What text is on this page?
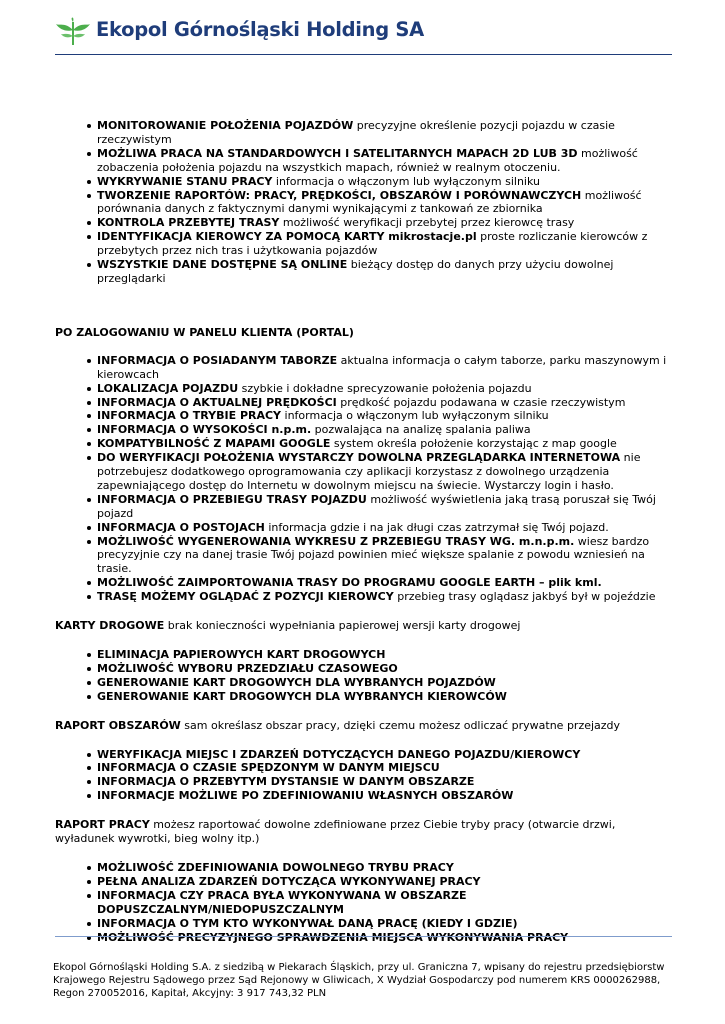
Ekopol Górnośląski Holding SA
MONITOROWANIE POŁOŻENIA POJAZDÓW precyzyjne określenie pozycji pojazdu w czasie rzeczywistym
MOŻLIWA PRACA NA STANDARDOWYCH I SATELITARNYCH MAPACH 2D LUB 3D możliwość zobaczenia położenia pojazdu na wszystkich mapach, również w realnym otoczeniu.
WYKRYWANIE STANU PRACY informacja o włączonym lub wyłączonym silniku
TWORZENIE RAPORTÓW: PRACY, PRĘDKOŚCI, OBSZARÓW I PORÓWNAWCZYCH możliwość porównania danych z faktycznymi danymi wynikającymi z tankowań ze zbiornika
KONTROLA PRZEBYTEJ TRASY możliwość weryfikacji przebytej przez kierowcę trasy
IDENTYFIKACJA KIEROWCY ZA POMOCĄ KARTY mikrostacje.pl proste rozliczanie kierowców z przebytych przez nich tras i użytkowania pojazdów
WSZYSTKIE DANE DOSTĘPNE SĄ ONLINE bieżący dostęp do danych przy użyciu dowolnej przeglądarki

PO ZALOGOWANIU W PANELU KLIENTA (PORTAL)

INFORMACJA O POSIADANYM TABORZE aktualna informacja o całym taborze, parku maszynowym i kierowcach
LOKALIZACJA POJAZDU szybkie i dokładne sprecyzowanie położenia pojazdu
INFORMACJA O AKTUALNEJ PRĘDKOŚCI prędkość pojazdu podawana w czasie rzeczywistym
INFORMACJA O TRYBIE PRACY informacja o włączonym lub wyłączonym silniku
INFORMACJA O WYSOKOŚCI n.p.m. pozwalająca na analizę spalania paliwa
KOMPATYBILNOŚĆ Z MAPAMI GOOGLE system określa położenie korzystając z map google
DO WERYFIKACJI POŁOŻENIA WYSTARCZY DOWOLNA PRZEGLĄDARKA INTERNETOWA nie potrzebujesz dodatkowego oprogramowania czy aplikacji korzystasz z dowolnego urządzenia zapewniającego dostęp do Internetu w dowolnym miejscu na świecie. Wystarczy login i hasło.
INFORMACJA O PRZEBIEGU TRASY POJAZDU możliwość wyświetlenia jaką trasą poruszał się Twój pojazd
INFORMACJA O POSTOJACH informacja gdzie i na jak długi czas zatrzymał się Twój pojazd.
MOŻLIWOŚĆ WYGENEROWANIA WYKRESU Z PRZEBIEGU TRASY WG. m.n.p.m. wiesz bardzo precyzyjnie czy na danej trasie Twój pojazd powinien mieć większe spalanie z powodu wzniesień na trasie.
MOŻLIWOŚĆ ZAIMPORTOWANIA TRASY DO PROGRAMU GOOGLE EARTH – plik kml.
TRASĘ MOŻEMY OGLĄDAĆ Z POZYCJI KIEROWCY przebieg trasy oglądasz jakbyś był w pojeździe

KARTY DROGOWE brak konieczności wypełniania papierowej wersji karty drogowej

ELIMINACJA PAPIEROWYCH KART DROGOWYCH
MOŻLIWOŚĆ WYBORU PRZEDZIAŁU CZASOWEGO
GENEROWANIE KART DROGOWYCH DLA WYBRANYCH POJAZDÓW
GENEROWANIE KART DROGOWYCH DLA WYBRANYCH KIEROWCÓW

RAPORT OBSZARÓW sam określasz obszar pracy, dzięki czemu możesz odliczać prywatne przejazdy

WERYFIKACJA MIEJSC I ZDARZEŃ DOTYCZĄCYCH DANEGO POJAZDU/KIEROWCY
INFORMACJA O CZASIE SPĘDZONYM W DANYM MIEJSCU
INFORMACJA O PRZEBYTYM DYSTANSIE W DANYM OBSZARZE
INFORMACJE MOŻLIWE PO ZDEFINIOWANIU WŁASNYCH OBSZARÓW

RAPORT PRACY możesz raportować dowolne zdefiniowane przez Ciebie tryby pracy (otwarcie drzwi, wyładunek wywrotki, bieg wolny itp.)

MOŻLIWOŚĆ ZDEFINIOWANIA DOWOLNEGO TRYBU PRACY
PEŁNA ANALIZA ZDARZEŃ DOTYCZĄCA WYKONYWANEJ PRACY
INFORMACJA CZY PRACA BYŁA WYKONYWANA W OBSZARZE DOPUSZCZALNYM/NIEDOPUSZCZALNYM
INFORMACJA O TYM KTO WYKONYWAŁ DANĄ PRACĘ (KIEDY I GDZIE)
MOŻLIWOŚĆ PRECYZYJNEGO SPRAWDZENIA MIEJSCA WYKONYWANIA PRACY
Ekopol Górnośląski Holding S.A. z siedzibą w Piekarach Śląskich, przy ul. Graniczna 7, wpisany do rejestru przedsiębiorstw Krajowego Rejestru Sądowego przez Sąd Rejonowy w Gliwicach, X Wydział Gospodarczy pod numerem KRS 0000262988, Regon 270052016, Kapitał, Akcyjny: 3 917 743,32 PLN
